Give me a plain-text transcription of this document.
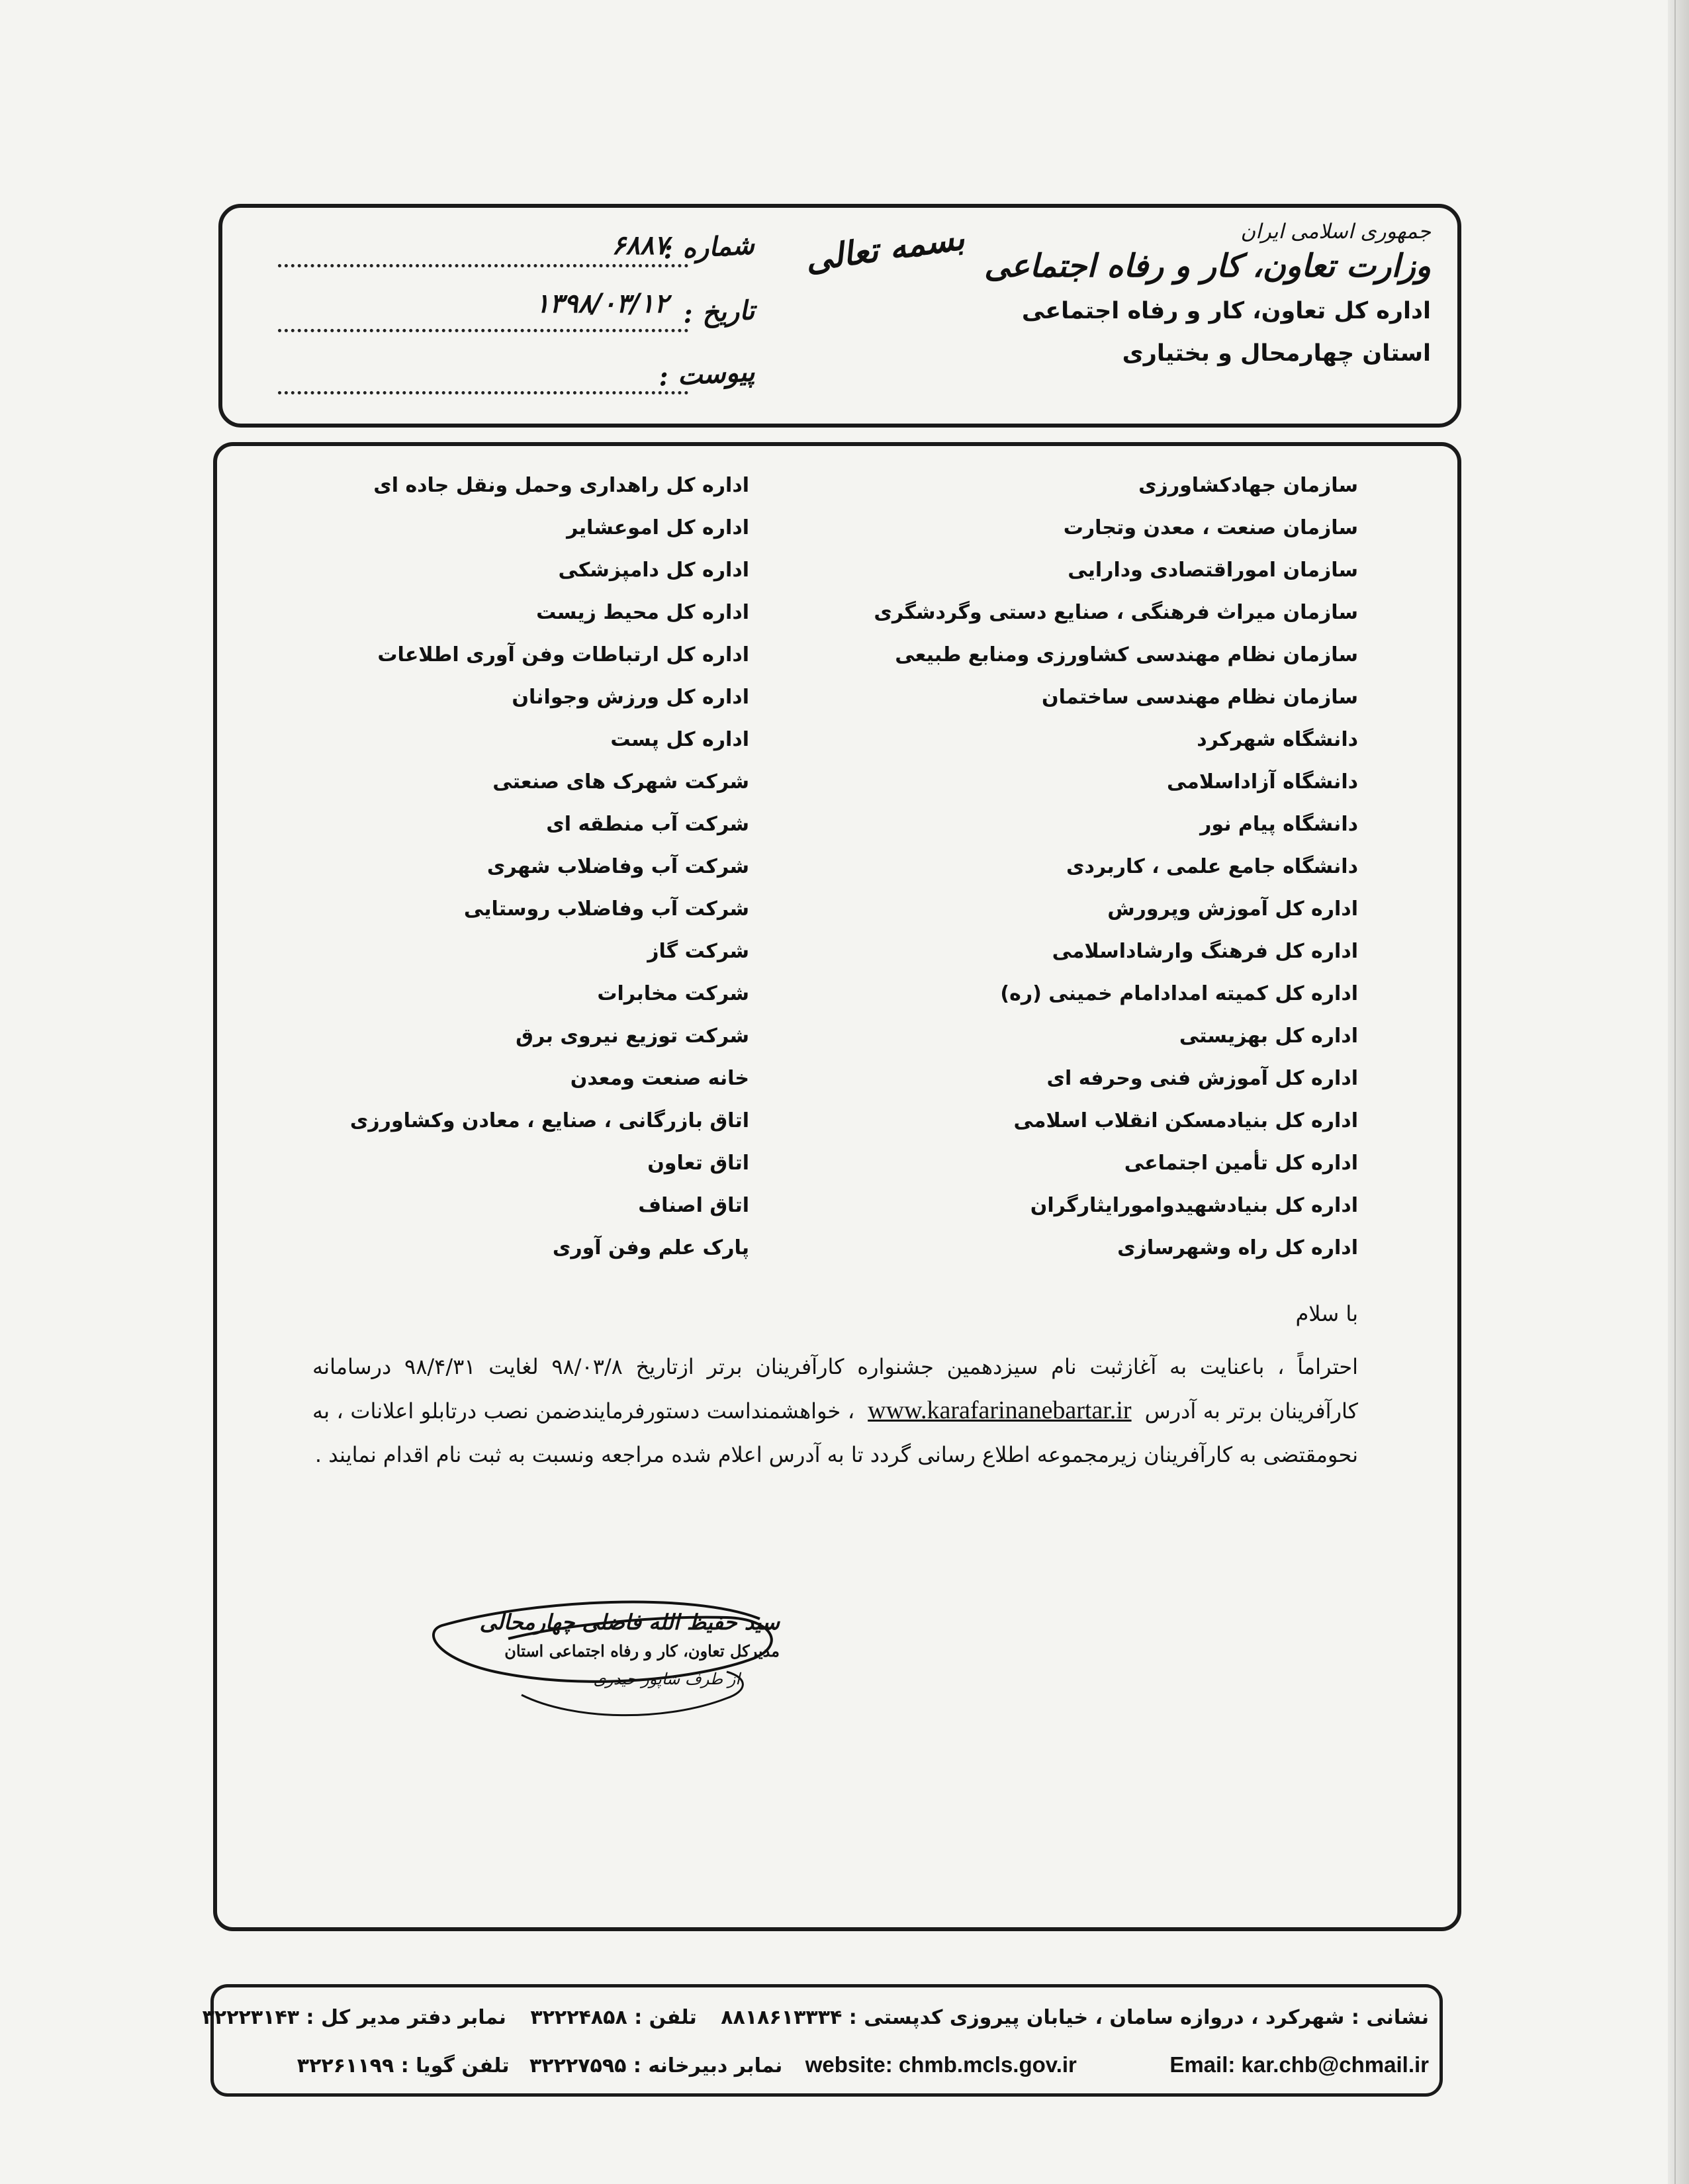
جمهوری اسلامی ایران

وزارت تعاون، کار و رفاه اجتماعی

اداره کل تعاون، کار و رفاه اجتماعی

استان چهارمحال و بختیاری

بسمه تعالی
شماره :
۶۸۸۷
تاریخ :
۱۳۹۸/۰۳/۱۲
پیوست :
سازمان جهادکشاورزی
سازمان صنعت ، معدن وتجارت
سازمان اموراقتصادی ودارایی
سازمان میراث فرهنگی ، صنایع دستی وگردشگری
سازمان نظام مهندسی کشاورزی ومنابع طبیعی
سازمان نظام مهندسی ساختمان
دانشگاه شهرکرد
دانشگاه آزاداسلامی
دانشگاه پیام نور
دانشگاه جامع علمی ، کاربردی
اداره کل آموزش وپرورش
اداره کل فرهنگ وارشاداسلامی
اداره کل کمیته امدادامام خمینی (ره)
اداره کل بهزیستی
اداره کل آموزش فنی وحرفه ای
اداره کل بنیادمسکن انقلاب اسلامی
اداره کل تأمین اجتماعی
اداره کل بنیادشهیدوامورایثارگران
اداره کل راه وشهرسازی
اداره کل راهداری وحمل ونقل جاده ای
اداره کل اموعشایر
اداره کل دامپزشکی
اداره کل محیط زیست
اداره کل ارتباطات وفن آوری اطلاعات
اداره کل ورزش وجوانان
اداره کل پست
شرکت شهرک های صنعتی
شرکت آب منطقه ای
شرکت آب وفاضلاب شهری
شرکت آب وفاضلاب روستایی
شرکت گاز
شرکت مخابرات
شرکت توزیع نیروی برق
خانه صنعت ومعدن
اتاق بازرگانی ، صنایع ، معادن وکشاورزی
اتاق تعاون
اتاق اصناف
پارک علم وفن آوری

با سلام

احتراماً ، باعنایت به آغازثبت نام سیزدهمین جشنواره کارآفرینان برتر ازتاریخ ۹۸/۰۳/۸ لغایت ۹۸/۴/۳۱ درسامانه کارآفرینان برتر به آدرسwww.karafarinanebartar.ir، خواهشمنداست دستورفرمایندضمن نصب درتابلو اعلانات ، به نحومقتضی به کارآفرینان زیرمجموعه اطلاع رسانی گردد تا به آدرس اعلام شده مراجعه ونسبت به ثبت نام اقدام نمایند .

سید حفیظ الله فاضلی چهارمحالی

مدیرکل تعاون، کار و رفاه اجتماعی استان

از طرف شاپور حیدری

نشانی : شهرکرد ، دروازه سامان ، خیابان پیروزی کدپستی : ۸۸۱۸۶۱۳۳۳۴ تلفن : ۳۲۲۲۴۸۵۸ نمابر دفتر مدیر کل : ۳۲۲۲۳۱۴۳
Email: kar.chb@chmail.ir website: chmb.mcls.gov.ir نمابر دبیرخانه : ۳۲۲۲۷۵۹۵ تلفن گویا : ۳۲۲۶۱۱۹۹
